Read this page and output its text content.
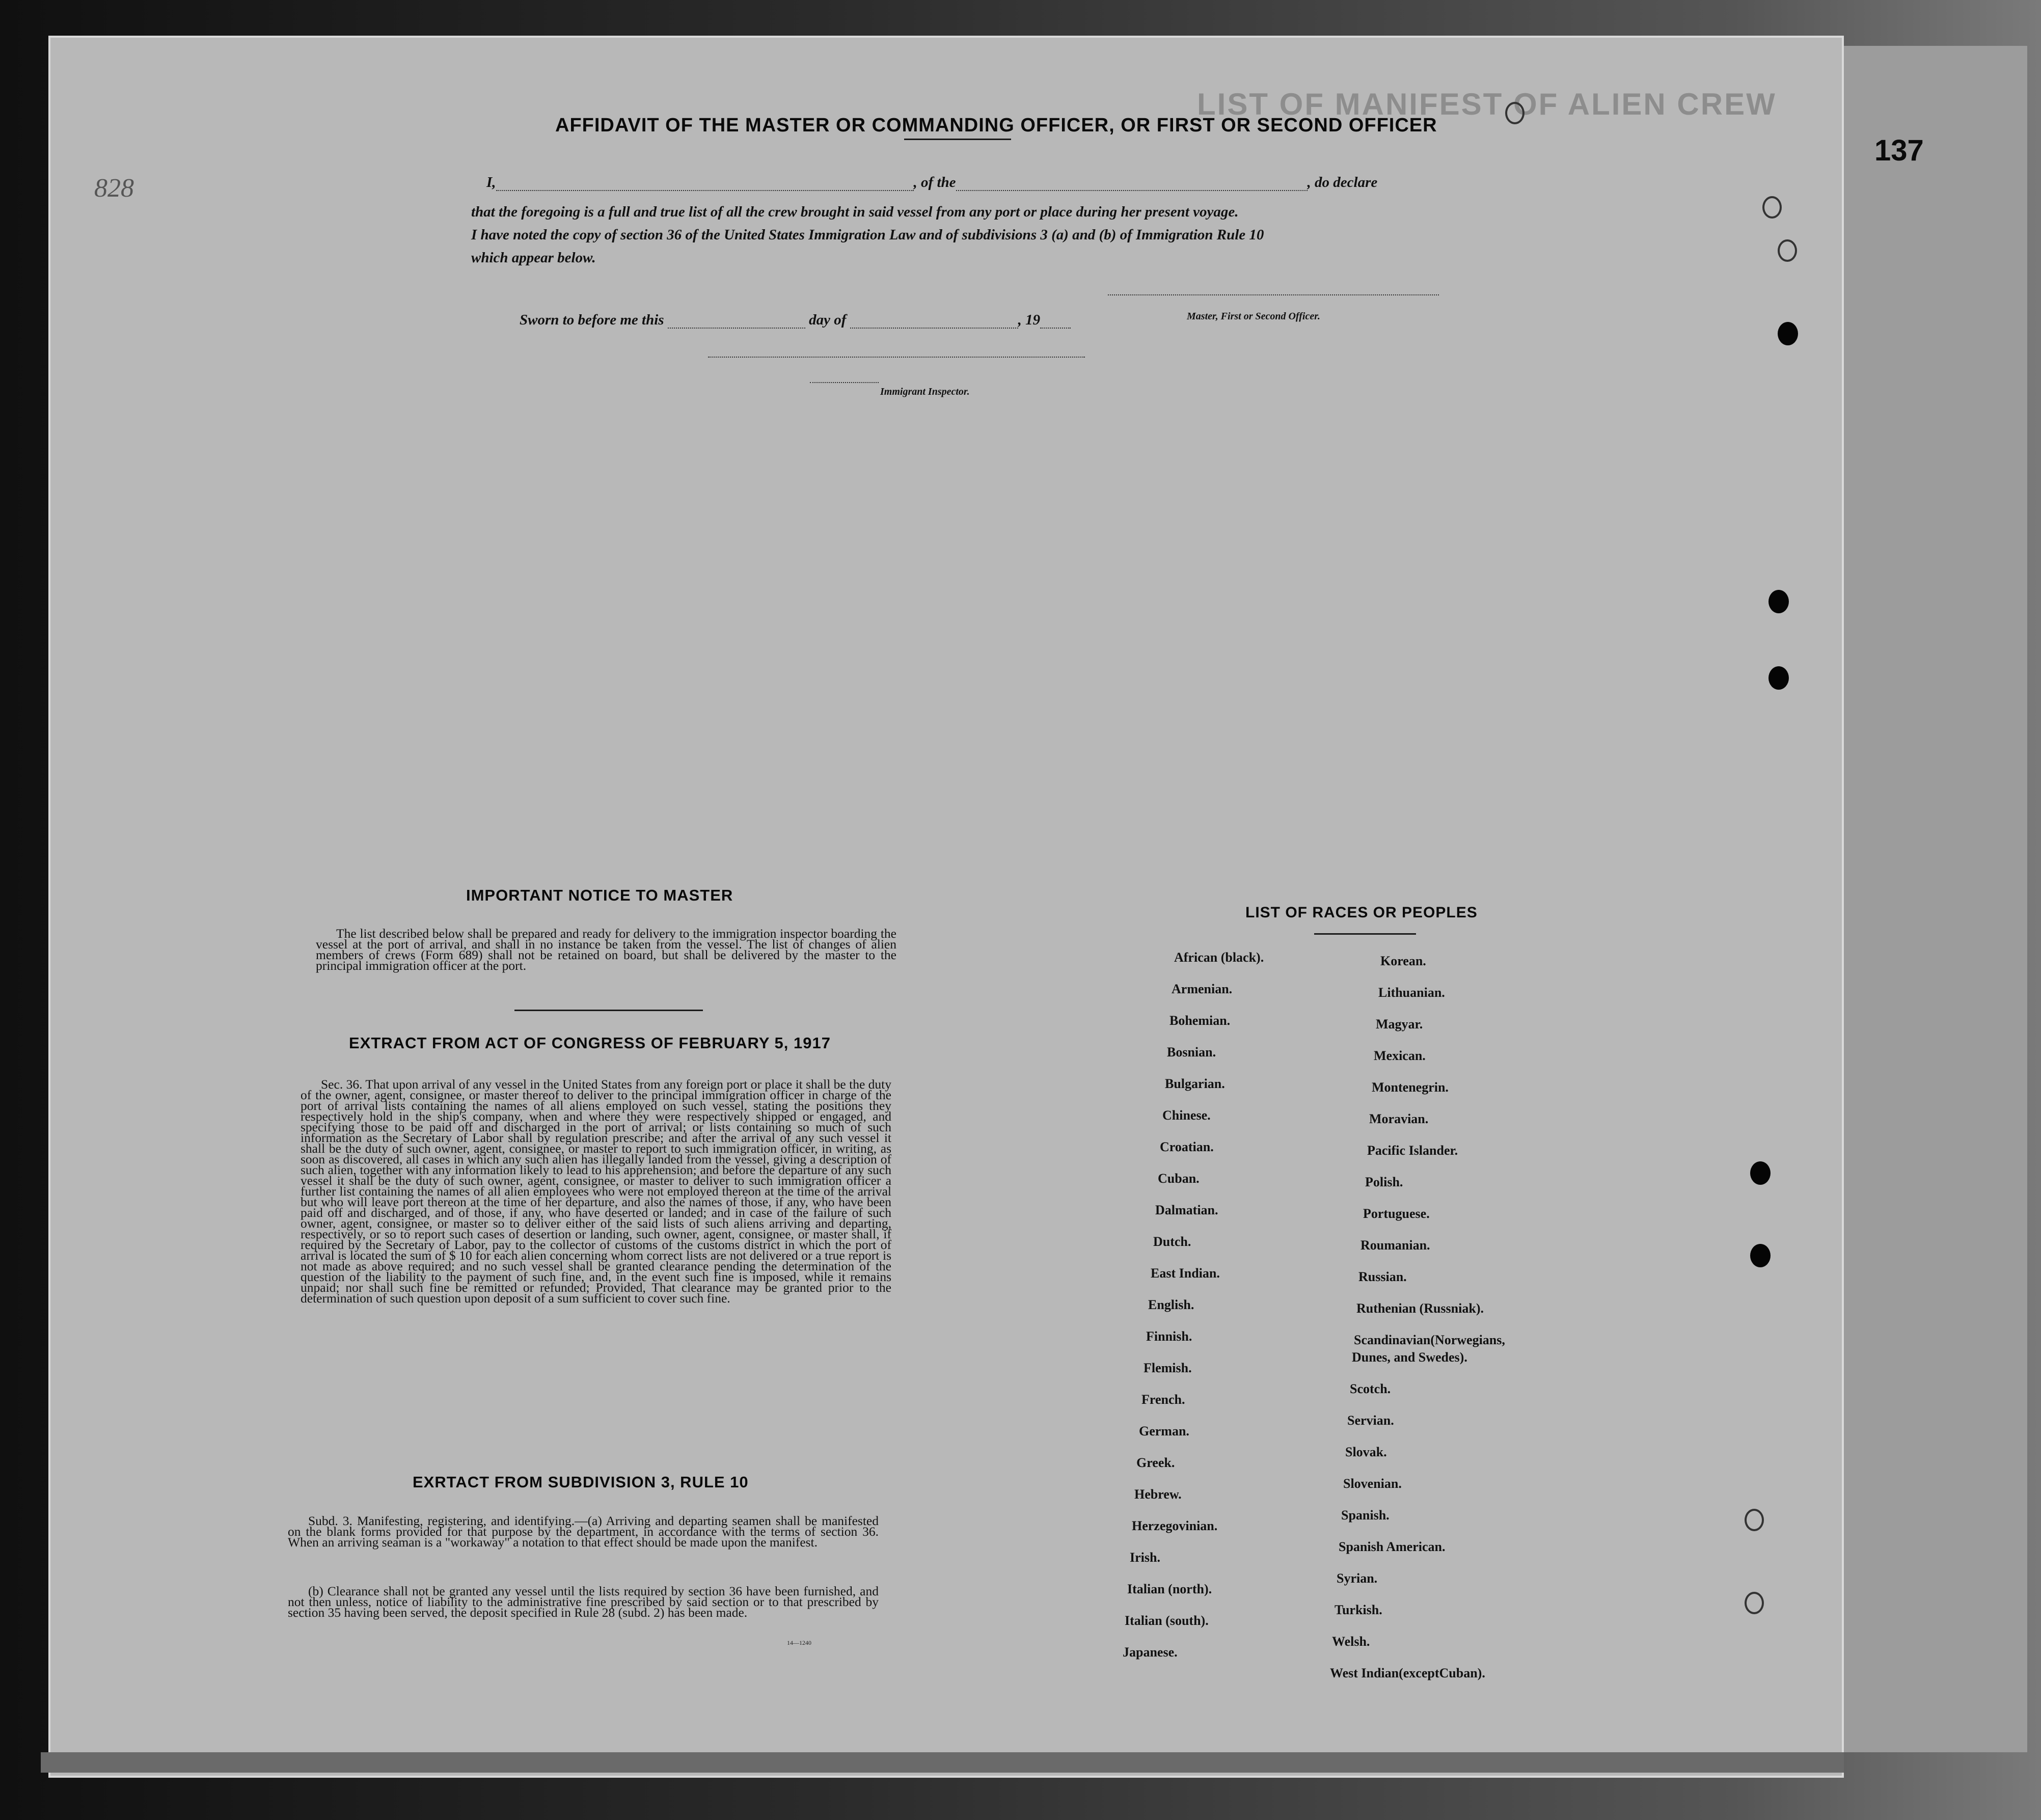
137
LIST OF MANIFEST OF ALIEN CREW
828
AFFIDAVIT OF THE MASTER OR COMMANDING OFFICER, OR FIRST OR SECOND OFFICER
I,	, of the	, do declare
that the foregoing is a full and true list of all the crew brought in said vessel from any port or place during her present voyage.
I have noted the copy of section 36 of the United States Immigration Law and of subdivisions 3 (a) and (b) of Immigration Rule 10
which appear below.
Master, First or Second Officer.
Sworn to before me this	day of	, 19
Immigrant Inspector.
IMPORTANT NOTICE TO MASTER
The list described below shall be prepared and ready for delivery to the immigration inspector boarding the vessel at the port of arrival, and shall in no instance be taken from the vessel. The list of changes of alien members of crews (Form 689) shall not be retained on board, but shall be delivered by the master to the principal immigration officer at the port.
EXTRACT FROM ACT OF CONGRESS OF FEBRUARY 5, 1917
Sec. 36. That upon arrival of any vessel in the United States from any foreign port or place it shall be the duty of the owner, agent, consignee, or master thereof to deliver to the principal immigration officer in charge of the port of arrival lists containing the names of all aliens employed on such vessel, stating the positions they respectively hold in the ship's company, when and where they were respectively shipped or engaged, and specifying those to be paid off and discharged in the port of arrival; or lists containing so much of such information as the Secretary of Labor shall by regulation prescribe; and after the arrival of any such vessel it shall be the duty of such owner, agent, consignee, or master to report to such immigration officer, in writing, as soon as discovered, all cases in which any such alien has illegally landed from the vessel, giving a description of such alien, together with any information likely to lead to his apprehension; and before the departure of any such vessel it shall be the duty of such owner, agent, consignee, or master to deliver to such immigration officer a further list containing the names of all alien employees who were not employed thereon at the time of the arrival but who will leave port thereon at the time of her departure, and also the names of those, if any, who have been paid off and discharged, and of those, if any, who have deserted or landed; and in case of the failure of such owner, agent, consignee, or master so to deliver either of the said lists of such aliens arriving and departing, respectively, or so to report such cases of desertion or landing, such owner, agent, consignee, or master shall, if required by the Secretary of Labor, pay to the collector of customs of the customs district in which the port of arrival is located the sum of $ 10 for each alien concerning whom correct lists are not delivered or a true report is not made as above required; and no such vessel shall be granted clearance pending the determination of the question of the liability to the payment of such fine, and, in the event such fine is imposed, while it remains unpaid; nor shall such fine be remitted or refunded; Provided, That clearance may be granted prior to the determination of such question upon deposit of a sum sufficient to cover such fine.
EXRTACT FROM SUBDIVISION 3, RULE 10
Subd. 3. Manifesting, registering, and identifying.—(a) Arriving and departing seamen shall be manifested on the blank forms provided for that purpose by the department, in accordance with the terms of section 36. When an arriving seaman is a "workaway" a notation to that effect should be made upon the manifest.
(b) Clearance shall not be granted any vessel until the lists required by section 36 have been furnished, and not then unless, notice of liability to the administrative fine prescribed by said section or to that prescribed by section 35 having been served, the deposit specified in Rule 28 (subd. 2) has been made.
14—1240
LIST OF RACES OR PEOPLES
African (black).
Armenian.
Bohemian.
Bosnian.
Bulgarian.
Chinese.
Croatian.
Cuban.
Dalmatian.
Dutch.
East Indian.
English.
Finnish.
Flemish.
French.
German.
Greek.
Hebrew.
Herzegovinian.
Irish.
Italian (north).
Italian (south).
Japanese.
Korean.
Lithuanian.
Magyar.
Mexican.
Montenegrin.
Moravian.
Pacific Islander.
Polish.
Portuguese.
Roumanian.
Russian.
Ruthenian (Russniak).
Scandinavian(Norwegians,
Dunes, and Swedes).
Scotch.
Servian.
Slovak.
Slovenian.
Spanish.
Spanish American.
Syrian.
Turkish.
Welsh.
West Indian(exceptCuban).
